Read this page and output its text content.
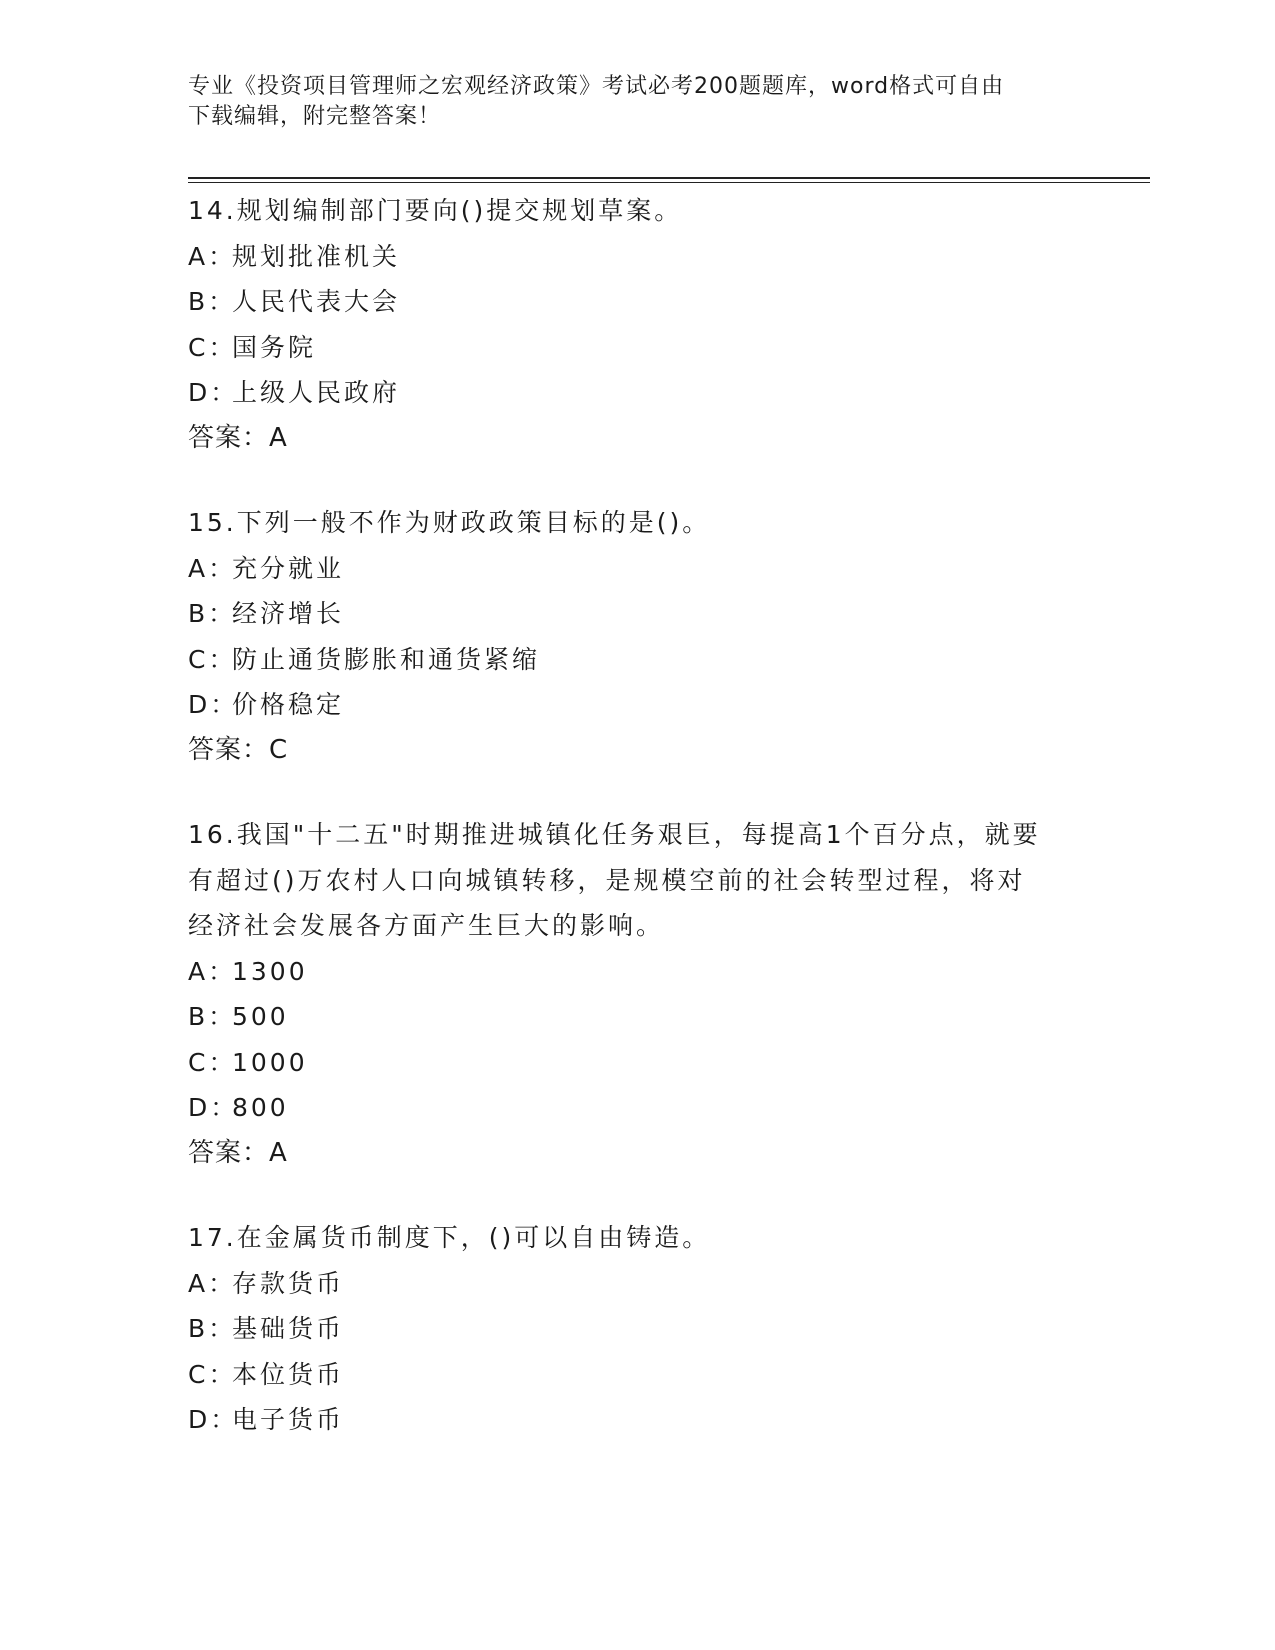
专业《投资项目管理师之宏观经济政策》考试必考200题题库，word格式可自由
下载编辑，附完整答案！
14.规划编制部门要向()提交规划草案。
A：规划批准机关
B：人民代表大会
C：国务院
D：上级人民政府
答案：A
15.下列一般不作为财政政策目标的是()。
A：充分就业
B：经济增长
C：防止通货膨胀和通货紧缩
D：价格稳定
答案：C
16.我国"十二五"时期推进城镇化任务艰巨，每提高1个百分点，就要
有超过()万农村人口向城镇转移，是规模空前的社会转型过程，将对
经济社会发展各方面产生巨大的影响。
A：1300
B：500
C：1000
D：800
答案：A
17.在金属货币制度下，()可以自由铸造。
A：存款货币
B：基础货币
C：本位货币
D：电子货币
